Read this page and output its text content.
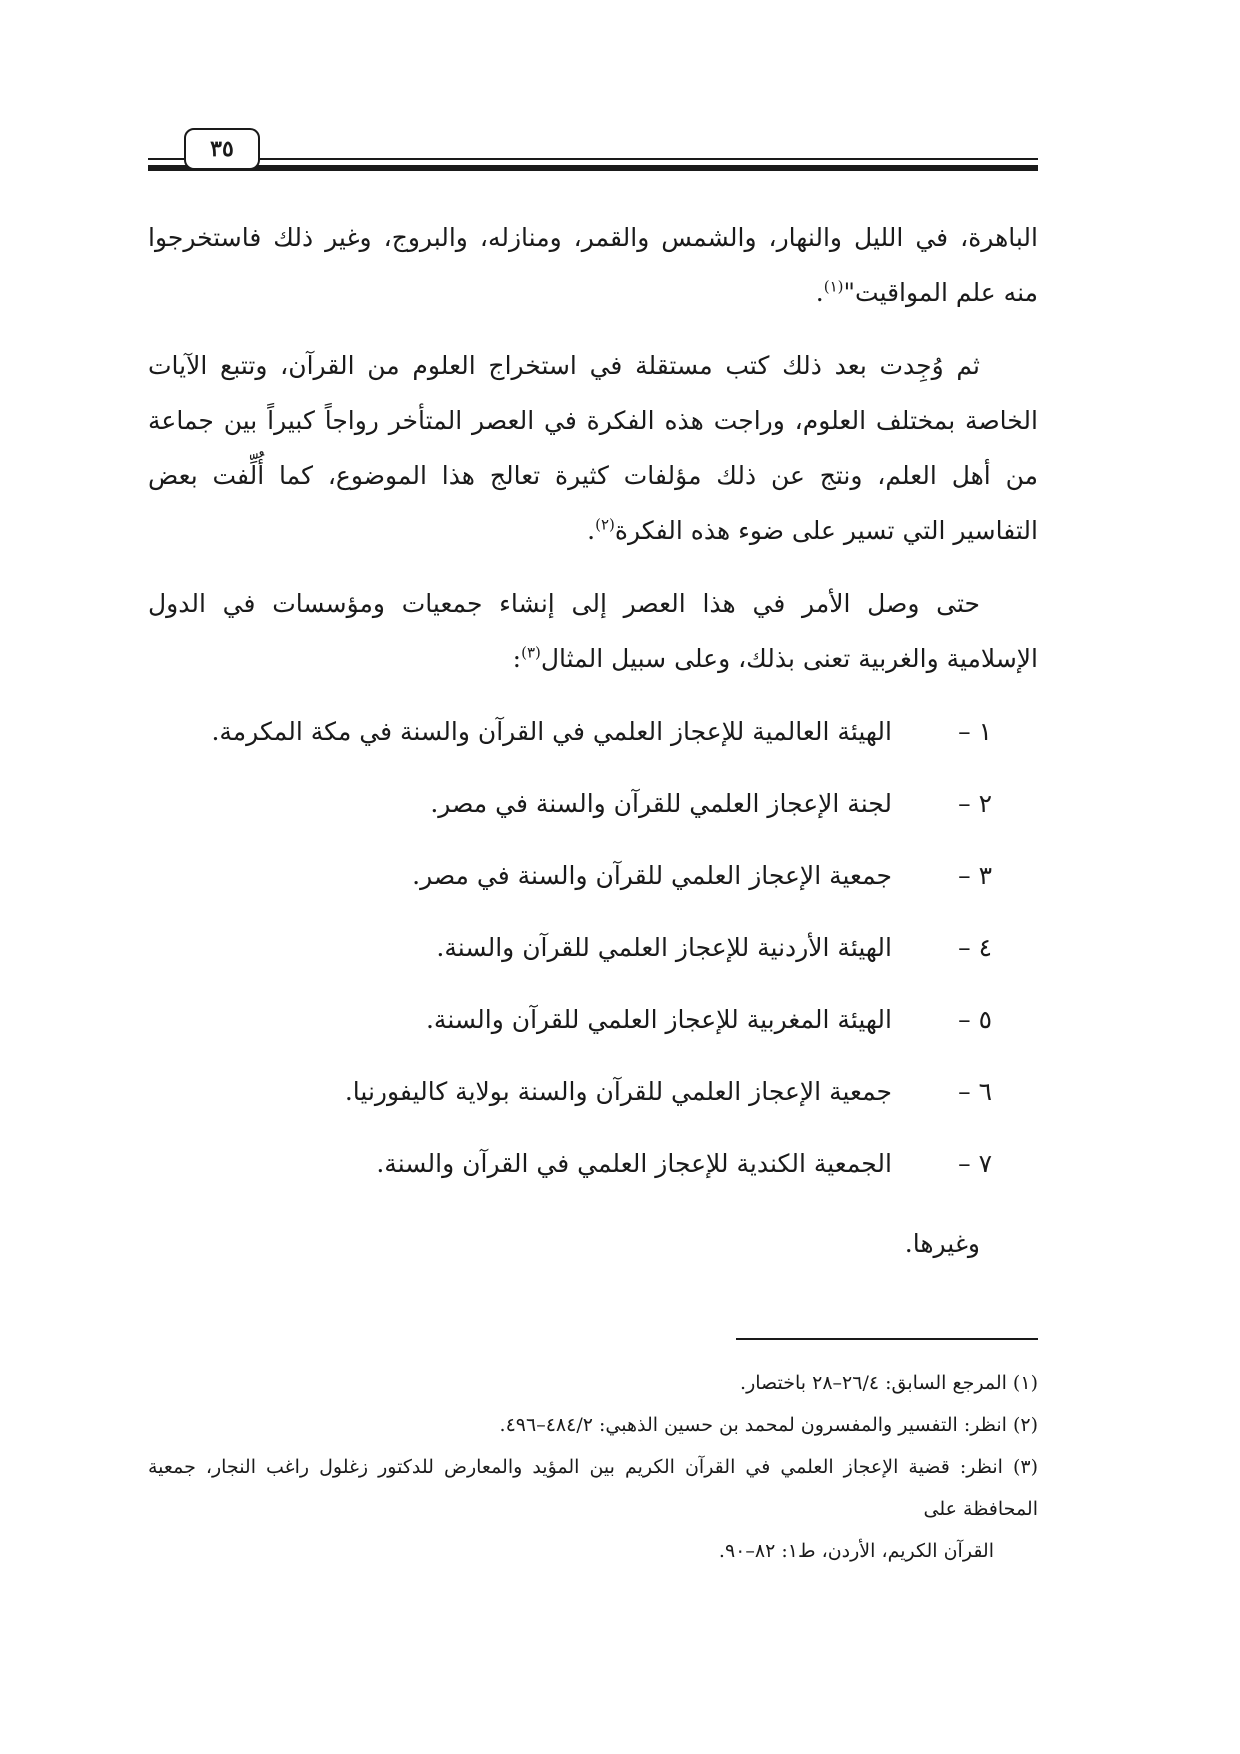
٣٥

الباهرة، في الليل والنهار، والشمس والقمر، ومنازله، والبروج، وغير ذلك فاستخرجوا منه علم المواقيت"$^{(١)}$.

ثم وُجِدت بعد ذلك كتب مستقلة في استخراج العلوم من القرآن، وتتبع الآيات الخاصة بمختلف العلوم، وراجت هذه الفكرة في العصر المتأخر رواجاً كبيراً بين جماعة من أهل العلم، ونتج عن ذلك مؤلفات كثيرة تعالج هذا الموضوع، كما أُلِّفت بعض التفاسير التي تسير على ضوء هذه الفكرة$^{(٢)}$.

حتى وصل الأمر في هذا العصر إلى إنشاء جمعيات ومؤسسات في الدول الإسلامية والغربية تعنى بذلك، وعلى سبيل المثال$^{(٣)}$:

١ –
الهيئة العالمية للإعجاز العلمي في القرآن والسنة في مكة المكرمة.
٢ –
لجنة الإعجاز العلمي للقرآن والسنة في مصر.
٣ –
جمعية الإعجاز العلمي للقرآن والسنة في مصر.
٤ –
الهيئة الأردنية للإعجاز العلمي للقرآن والسنة.
٥ –
الهيئة المغربية للإعجاز العلمي للقرآن والسنة.
٦ –
جمعية الإعجاز العلمي للقرآن والسنة بولاية كاليفورنيا.
٧ –
الجمعية الكندية للإعجاز العلمي في القرآن والسنة.

وغيرها.

(١) المرجع السابق: ٢٦/٤–٢٨ باختصار.

(٢) انظر: التفسير والمفسرون لمحمد بن حسين الذهبي: ٤٨٤/٢–٤٩٦.

(٣) انظر: قضية الإعجاز العلمي في القرآن الكريم بين المؤيد والمعارض للدكتور زغلول راغب النجار، جمعية المحافظة على

القرآن الكريم، الأردن، ط١: ٨٢–٩٠.
